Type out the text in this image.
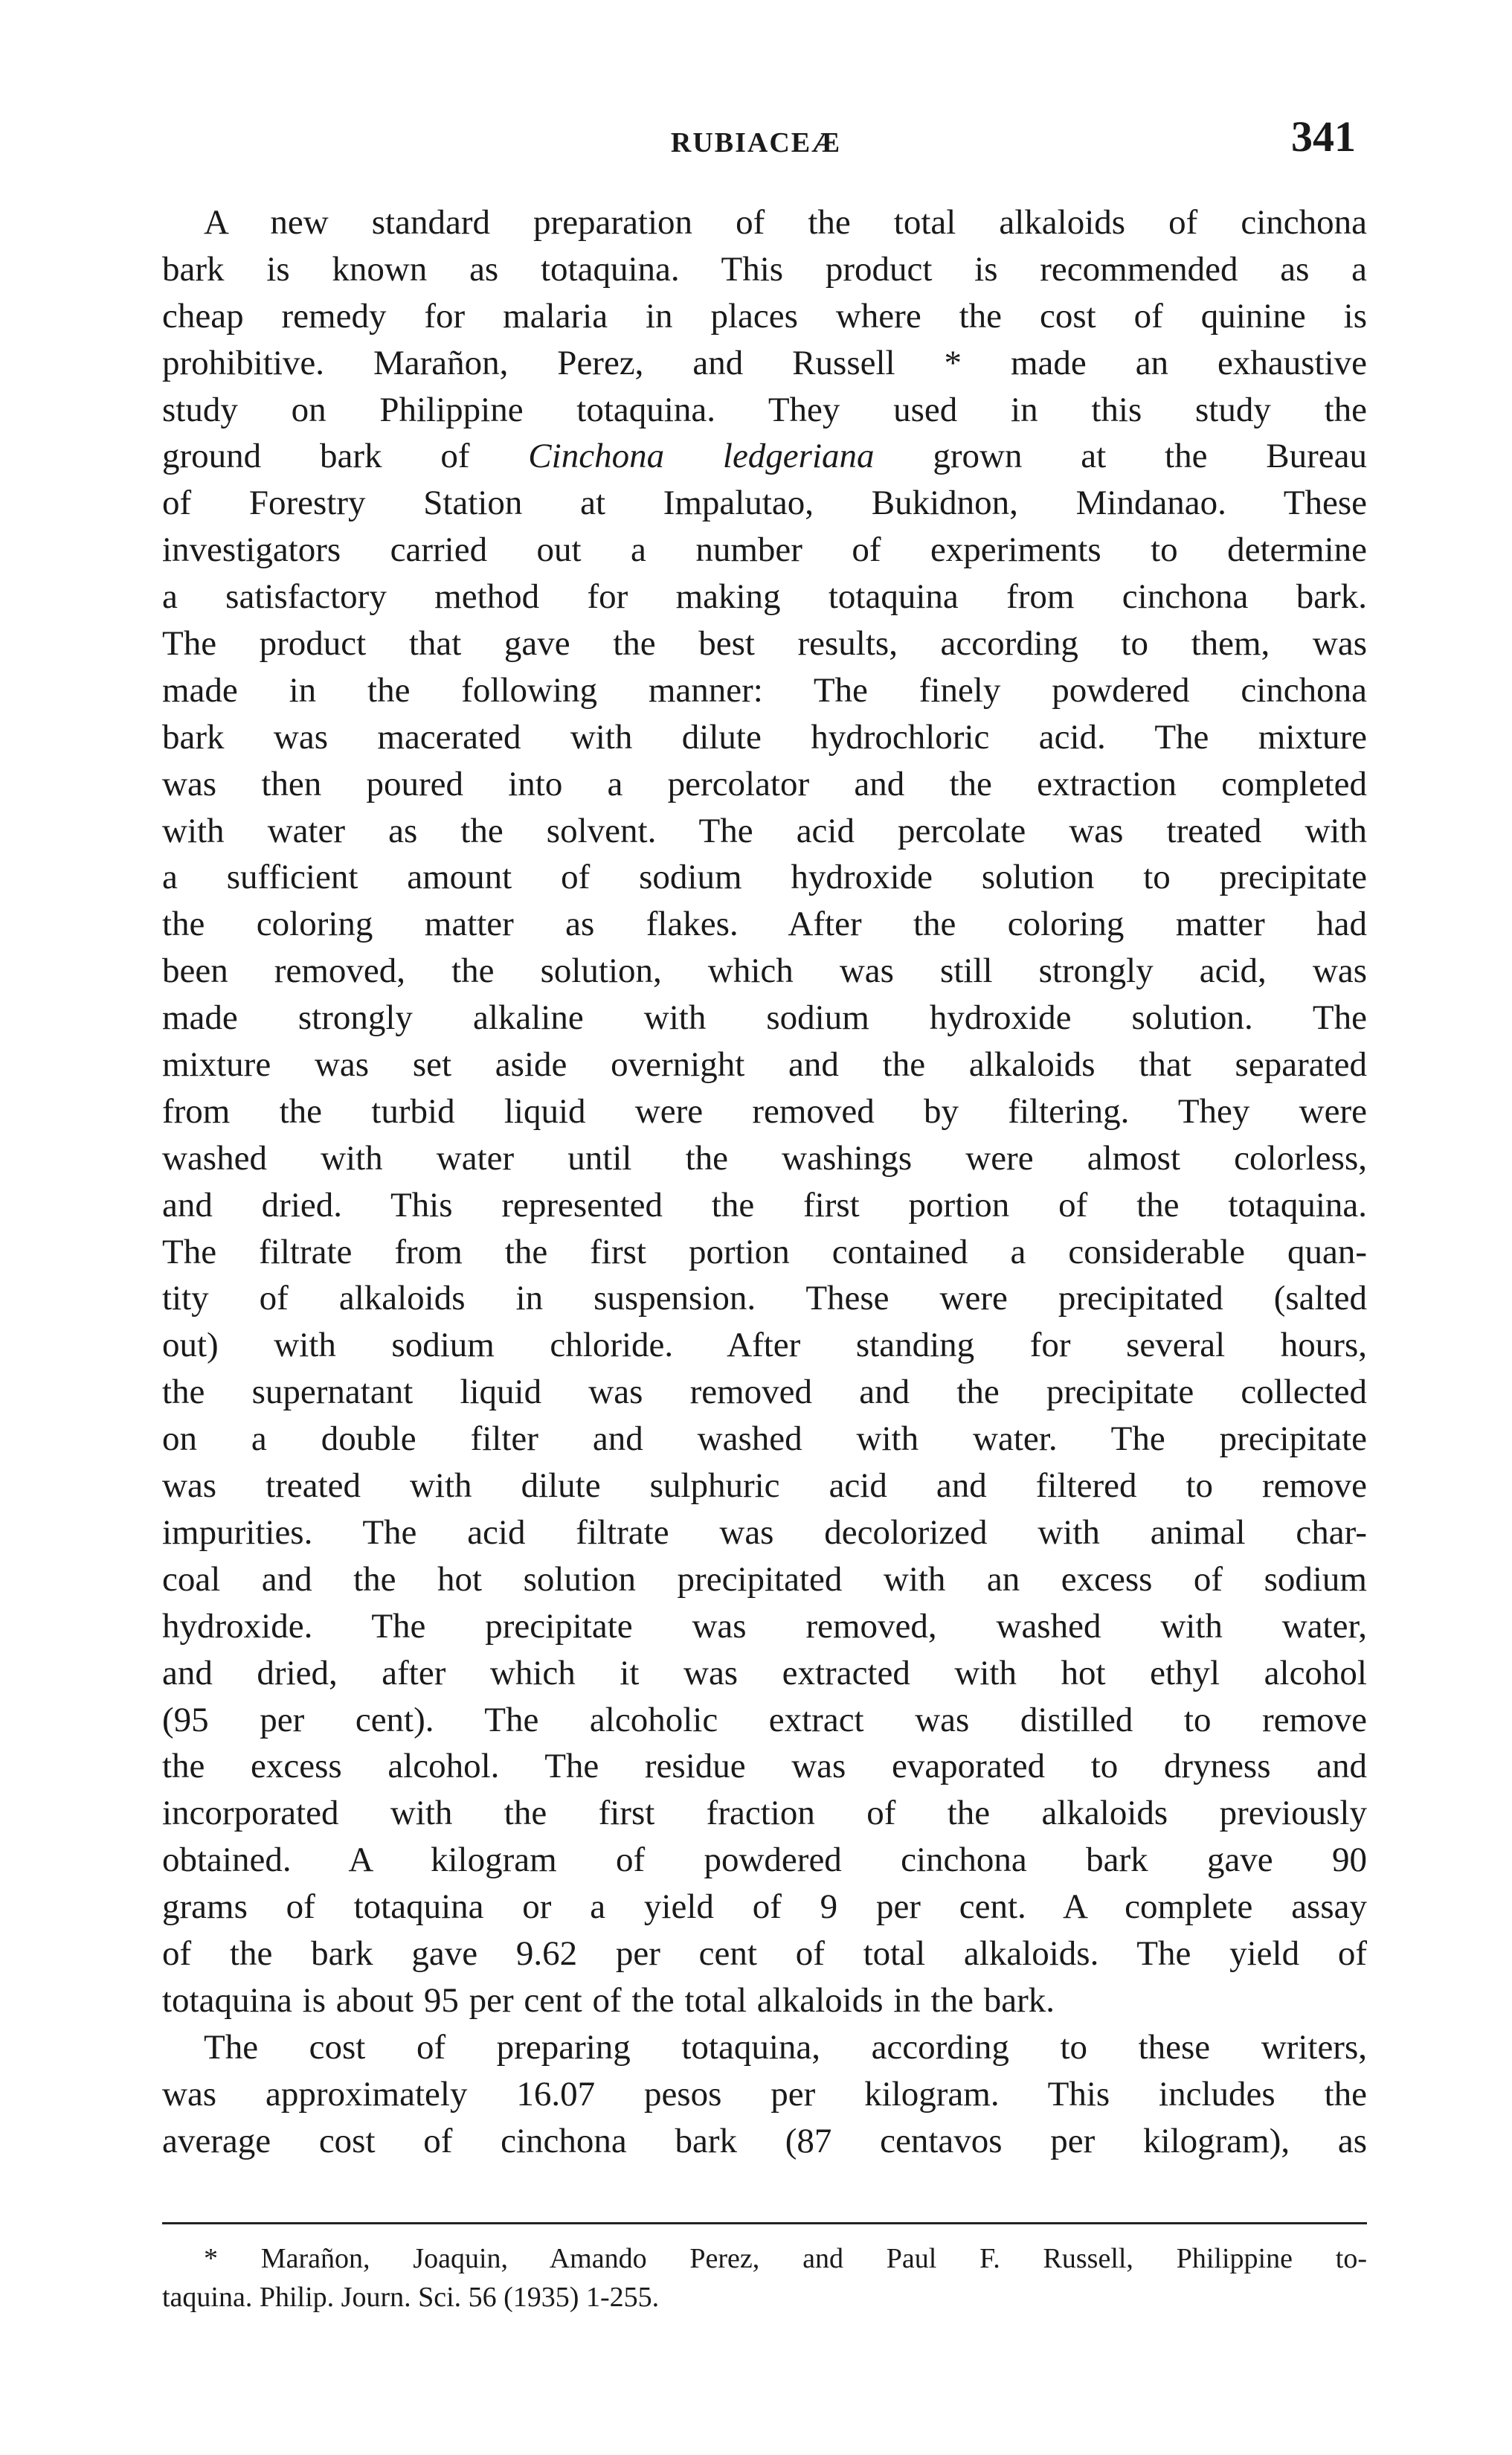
RUBIACEÆ	341
A new standard preparation of the total alkaloids of cinchona
bark is known as totaquina. This product is recommended as a
cheap remedy for malaria in places where the cost of quinine is
prohibitive. Marañon, Perez, and Russell * made an exhaustive
study on Philippine totaquina. They used in this study the
ground bark of Cinchona ledgeriana grown at the Bureau
of Forestry Station at Impalutao, Bukidnon, Mindanao. These
investigators carried out a number of experiments to determine
a satisfactory method for making totaquina from cinchona bark.
The product that gave the best results, according to them, was
made in the following manner: The finely powdered cinchona
bark was macerated with dilute hydrochloric acid. The mixture
was then poured into a percolator and the extraction completed
with water as the solvent. The acid percolate was treated with
a sufficient amount of sodium hydroxide solution to precipitate
the coloring matter as flakes. After the coloring matter had
been removed, the solution, which was still strongly acid, was
made strongly alkaline with sodium hydroxide solution. The
mixture was set aside overnight and the alkaloids that separated
from the turbid liquid were removed by filtering. They were
washed with water until the washings were almost colorless,
and dried. This represented the first portion of the totaquina.
The filtrate from the first portion contained a considerable quan-
tity of alkaloids in suspension. These were precipitated (salted
out) with sodium chloride. After standing for several hours,
the supernatant liquid was removed and the precipitate collected
on a double filter and washed with water. The precipitate
was treated with dilute sulphuric acid and filtered to remove
impurities. The acid filtrate was decolorized with animal char-
coal and the hot solution precipitated with an excess of sodium
hydroxide. The precipitate was removed, washed with water,
and dried, after which it was extracted with hot ethyl alcohol
(95 per cent). The alcoholic extract was distilled to remove
the excess alcohol. The residue was evaporated to dryness and
incorporated with the first fraction of the alkaloids previously
obtained. A kilogram of powdered cinchona bark gave 90
grams of totaquina or a yield of 9 per cent. A complete assay
of the bark gave 9.62 per cent of total alkaloids. The yield of
totaquina is about 95 per cent of the total alkaloids in the bark.
The cost of preparing totaquina, according to these writers,
was approximately 16.07 pesos per kilogram. This includes the
average cost of cinchona bark (87 centavos per kilogram), as
* Marañon, Joaquin, Amando Perez, and Paul F. Russell, Philippine to-
taquina. Philip. Journ. Sci. 56 (1935) 1-255.
